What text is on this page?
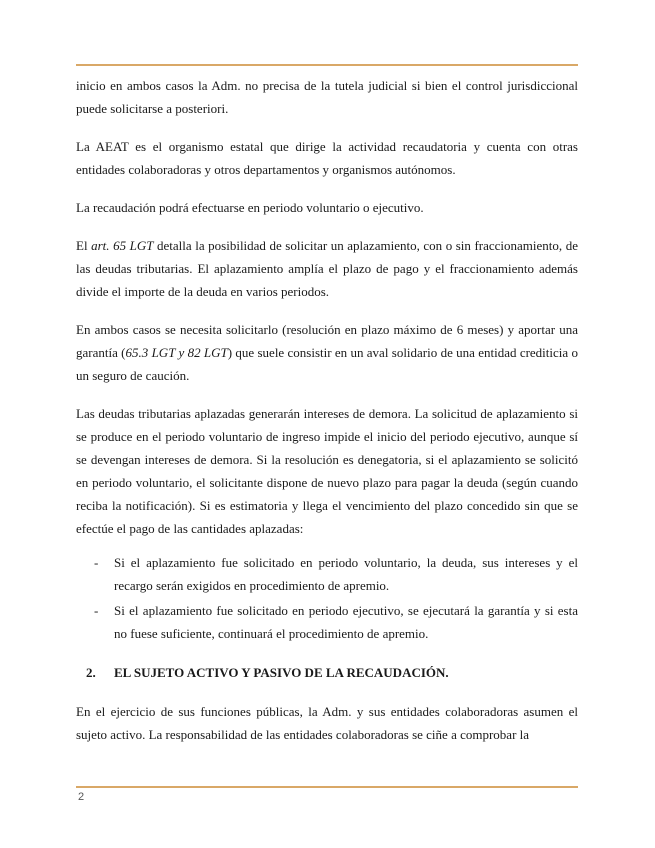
inicio en ambos casos la Adm. no precisa de la tutela judicial si bien el control jurisdiccional puede solicitarse a posteriori.

La AEAT es el organismo estatal que dirige la actividad recaudatoria y cuenta con otras entidades colaboradoras y otros departamentos y organismos autónomos.

La recaudación podrá efectuarse en periodo voluntario o ejecutivo.

El art. 65 LGT detalla la posibilidad de solicitar un aplazamiento, con o sin fraccionamiento, de las deudas tributarias. El aplazamiento amplía el plazo de pago y el fraccionamiento además divide el importe de la deuda en varios periodos.

En ambos casos se necesita solicitarlo (resolución en plazo máximo de 6 meses) y aportar una garantía (65.3 LGT y 82 LGT) que suele consistir en un aval solidario de una entidad crediticia o un seguro de caución.

Las deudas tributarias aplazadas generarán intereses de demora. La solicitud de aplazamiento si se produce en el periodo voluntario de ingreso impide el inicio del periodo ejecutivo, aunque sí se devengan intereses de demora. Si la resolución es denegatoria, si el aplazamiento se solicitó en periodo voluntario, el solicitante dispone de nuevo plazo para pagar la deuda (según cuando reciba la notificación). Si es estimatoria y llega el vencimiento del plazo concedido sin que se efectúe el pago de las cantidades aplazadas:

- Si el aplazamiento fue solicitado en periodo voluntario, la deuda, sus intereses y el recargo serán exigidos en procedimiento de apremio.
- Si el aplazamiento fue solicitado en periodo ejecutivo, se ejecutará la garantía y si esta no fuese suficiente, continuará el procedimiento de apremio.
2.	EL SUJETO ACTIVO Y PASIVO DE LA RECAUDACIÓN.

En el ejercicio de sus funciones públicas, la Adm. y sus entidades colaboradoras asumen el sujeto activo. La responsabilidad de las entidades colaboradoras se ciñe a comprobar la

2
